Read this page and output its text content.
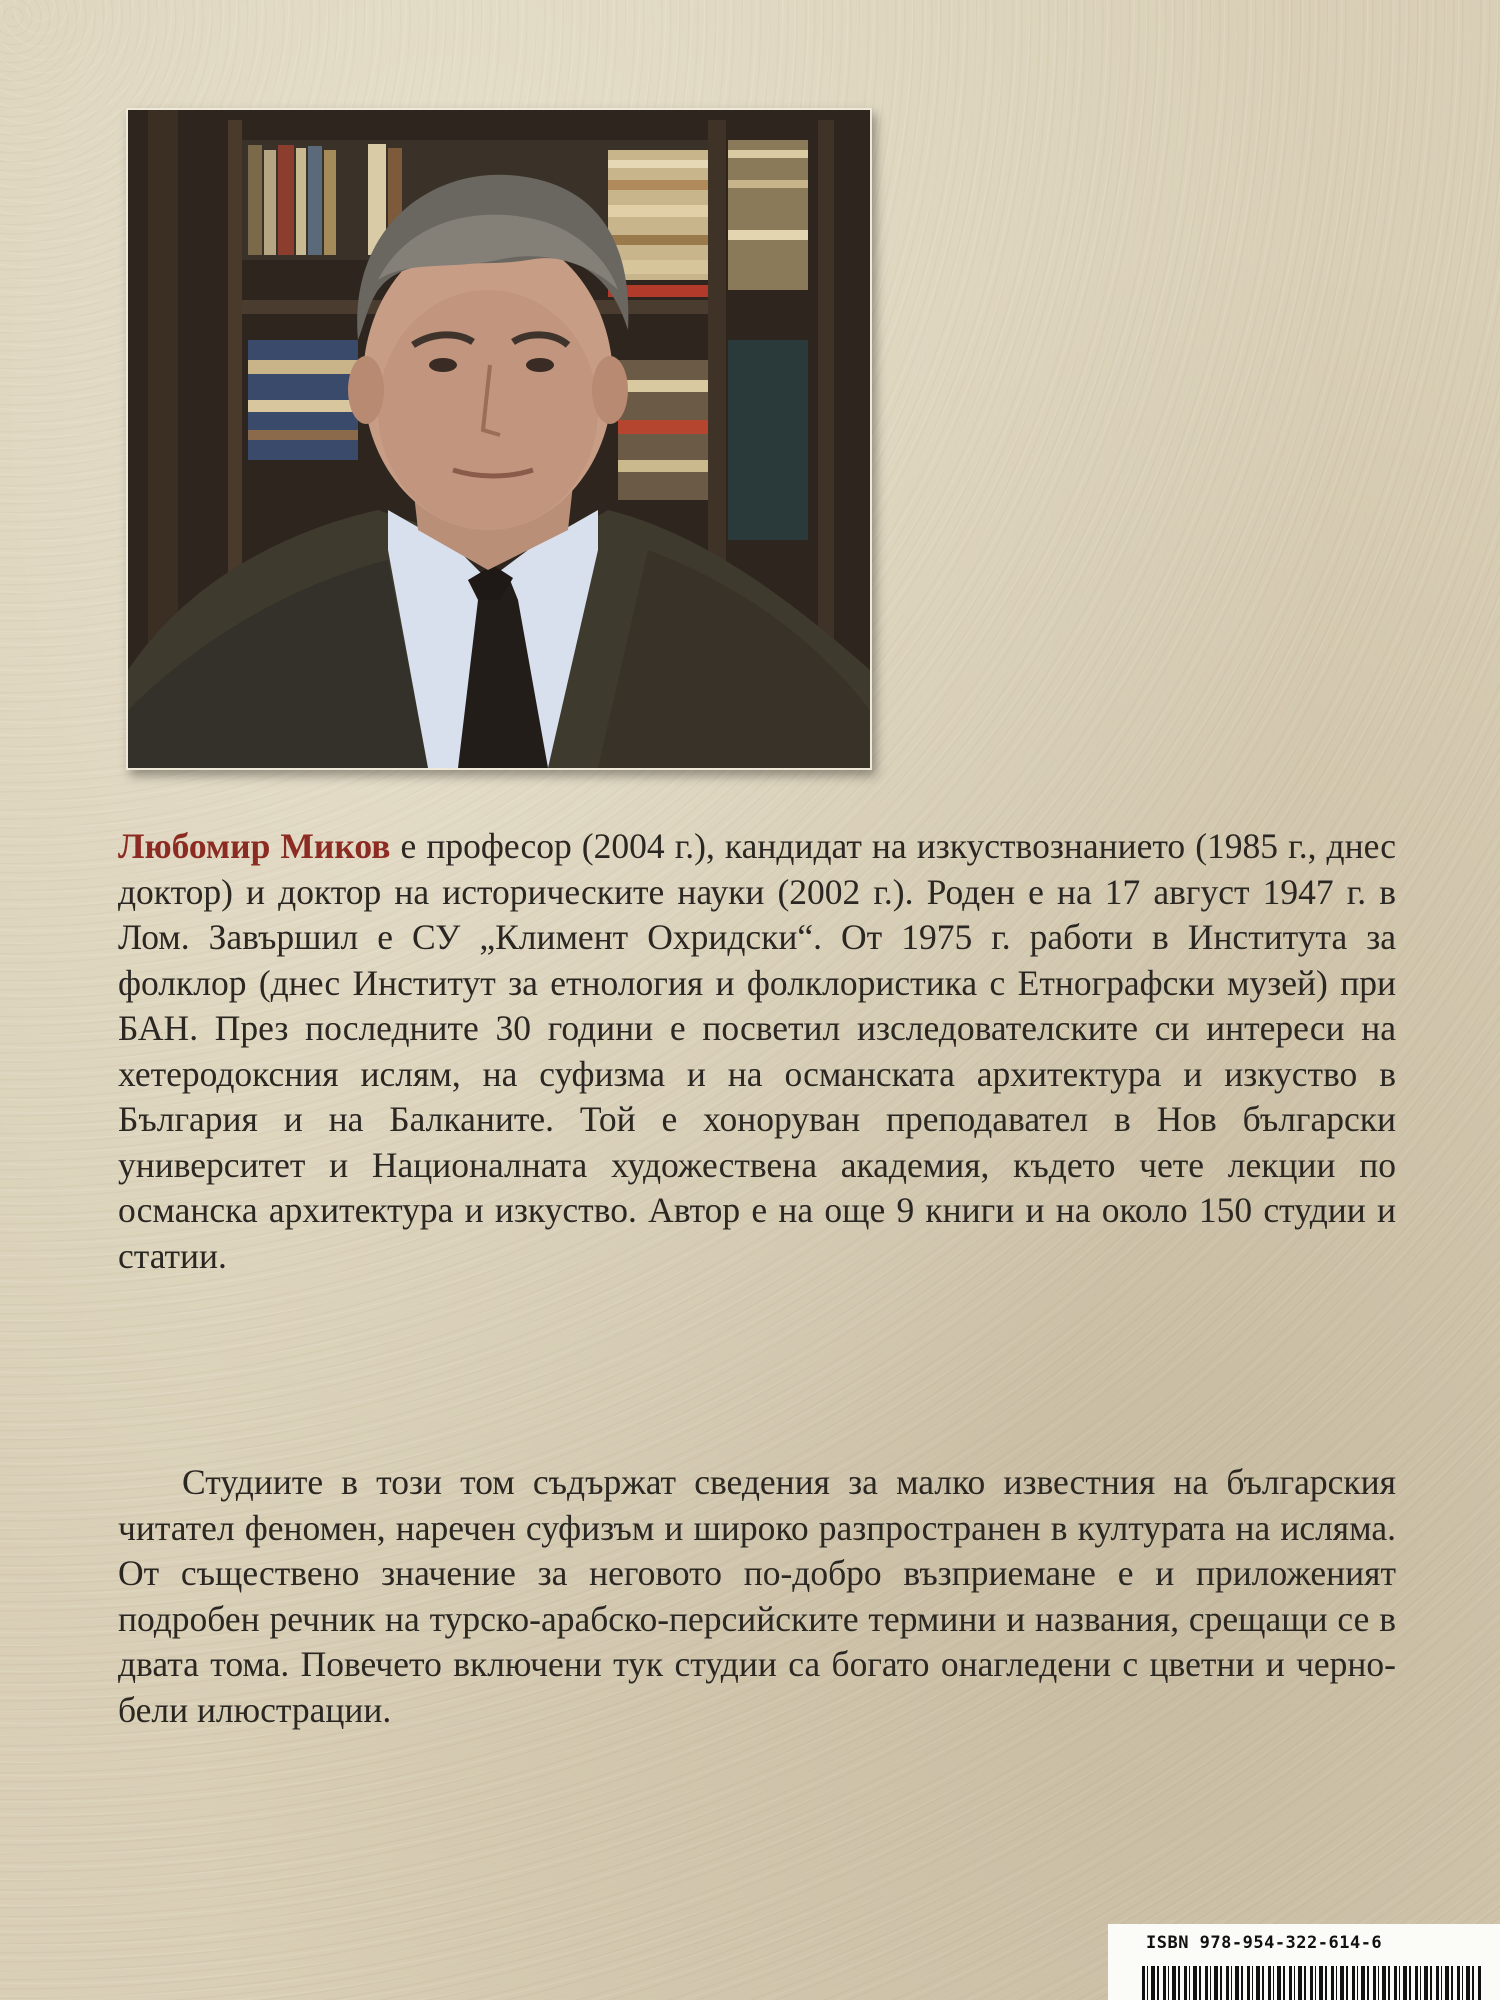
Любомир Миков е професор (2004 г.), кандидат на изкуствознанието (1985 г., днес доктор) и доктор на историческите науки (2002 г.). Роден е на 17 август 1947 г. в Лом. Завършил е СУ „Климент Охридски“. От 1975 г. работи в Института за фолклор (днес Институт за етнология и фолклористика с Етнографски музей) при БАН. През последните 30 години е посветил изследователските си интереси на хетеродоксния ислям, на суфизма и на османската архитектура и изкуство в България и на Балканите. Той е хоноруван преподавател в Нов български университет и Националната художествена академия, където чете лекции по османска архитектура и изкуство. Автор е на още 9 книги и на около 150 студии и статии.
Студиите в този том съдържат сведения за малко известния на българския читател феномен, наречен суфизъм и широко разпространен в културата на исляма. От съществено значение за неговото по-добро възприемане е и приложеният подробен речник на турско-арабско-персийските термини и названия, срещащи се в двата тома. Повечето включени тук студии са богато онагледени с цветни и черно-бели илюстрации.
ISBN 978-954-322-614-6
